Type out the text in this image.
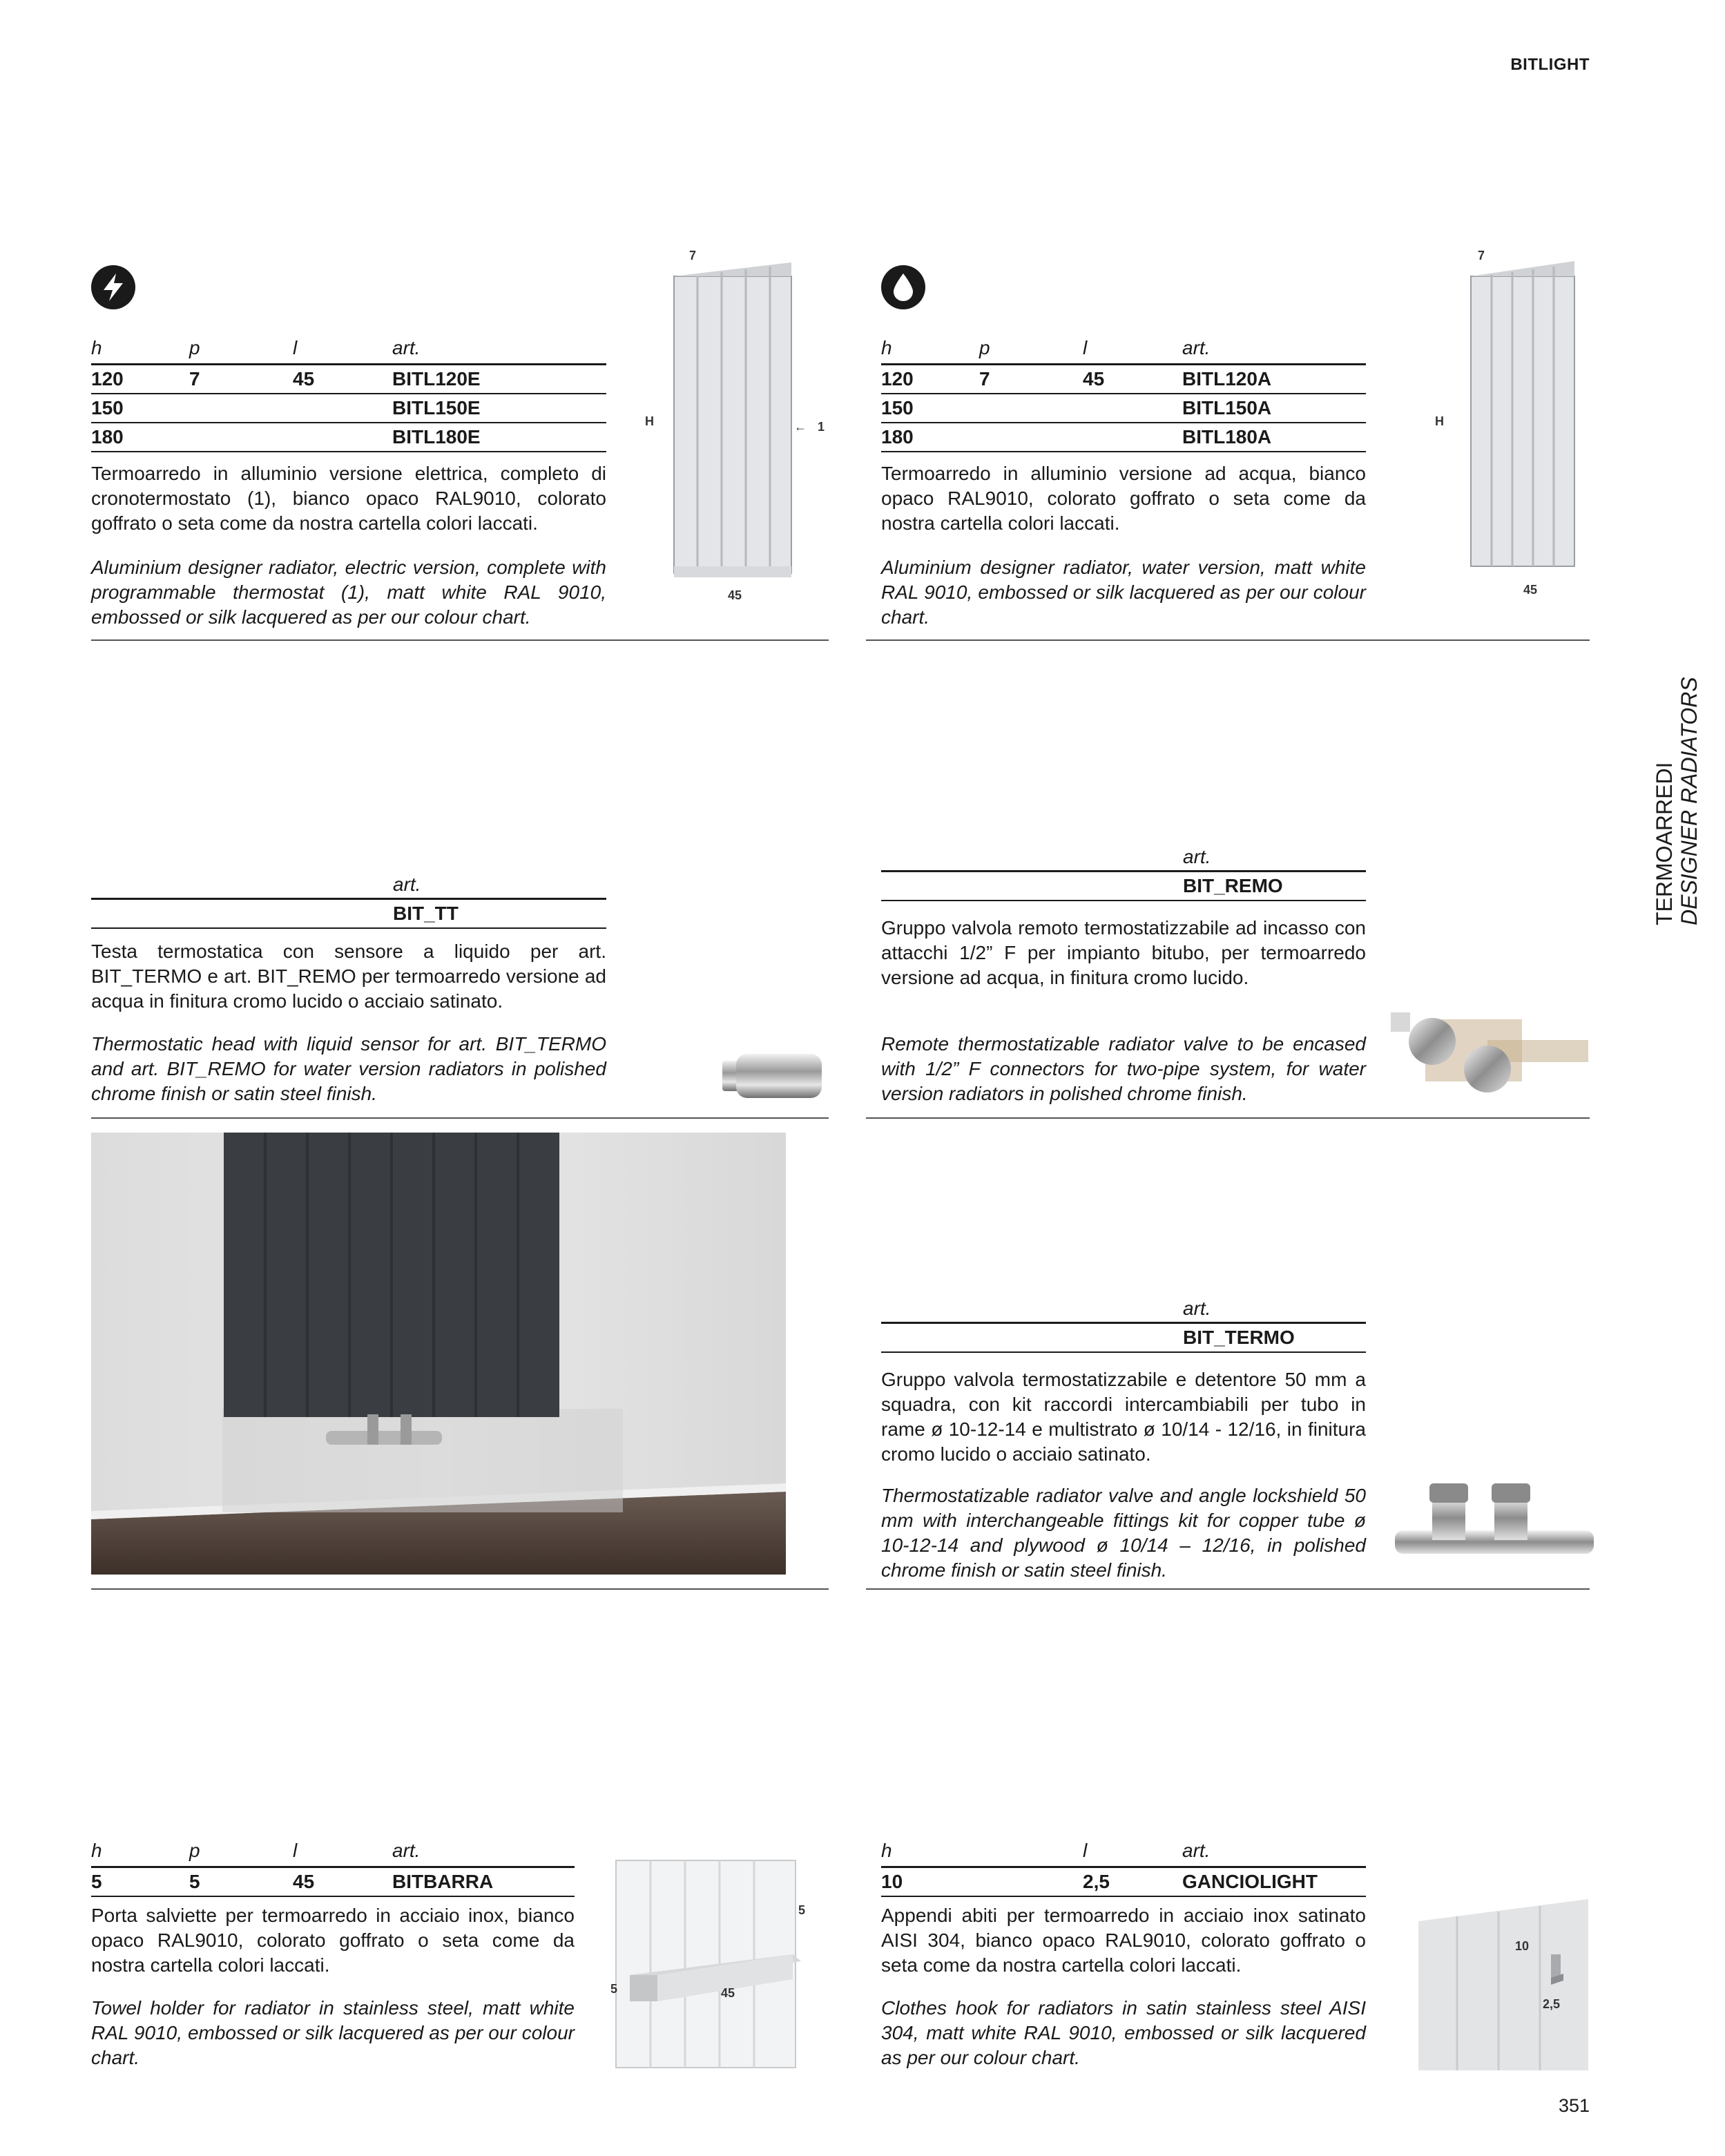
BITLIGHT
TERMOARREDI DESIGNER RADIATORS
351
h	p	l	art.
120	7	45	BITL120E
150			BITL150E
180			BITL180E
Termoarredo in alluminio versione elettrica, completo di cronotermostato (1), bianco opaco RAL9010, colorato goffrato o seta come da nostra cartella colori laccati.
Aluminium designer radiator, electric version, complete with programmable thermostat (1), matt white RAL 9010, embossed or silk lacquered as per our colour chart.
7
H
45
← 1
h	p	l	art.
120	7	45	BITL120A
150			BITL150A
180			BITL180A
Termoarredo in alluminio versione ad acqua, bianco opaco RAL9010, colorato goffrato o seta come da nostra cartella colori laccati.
Aluminium designer radiator, water version, matt white RAL 9010, embossed or silk lacquered as per our colour chart.
7
H
45
	art.
	BIT_TT
Testa termostatica con sensore a liquido per art. BIT_TERMO e art. BIT_REMO per termoarredo versione ad acqua in finitura cromo lucido o acciaio satinato.
Thermostatic head with liquid sensor for art. BIT_TERMO and art. BIT_REMO for water version radiators in polished chrome finish or satin steel finish.
	art.
	BIT_REMO
Gruppo valvola remoto termostatizzabile ad incasso con attacchi 1/2” F per impianto bitubo, per termoarredo versione ad acqua, in finitura cromo lucido.
Remote thermostatizable radiator valve to be encased with 1/2” F connectors for two-pipe system, for water version radiators in polished chrome finish.
	art.
	BIT_TERMO
Gruppo valvola termostatizzabile e detentore 50 mm a squadra, con kit raccordi intercambiabili per tubo in rame ø 10-12-14 e multistrato ø 10/14 - 12/16, in finitura cromo lucido o acciaio satinato.
Thermostatizable radiator valve and angle lockshield 50 mm with interchangeable fittings kit for copper tube ø 10-12-14 and plywood ø 10/14 – 12/16, in polished chrome finish or satin steel finish.
h	p	l	art.
5	5	45	BITBARRA
Porta salviette per termoarredo in acciaio inox, bianco opaco RAL9010, colorato goffrato o seta come da nostra cartella colori laccati.
Towel holder for radiator in stainless steel, matt white RAL 9010, embossed or silk lacquered as per our colour chart.
5
5	45
h	l	art.
10	2,5	GANCIOLIGHT
Appendi abiti per termoarredo in acciaio inox satinato AISI 304, bianco opaco RAL9010, colorato goffrato o seta come da nostra cartella colori laccati.
Clothes hook for radiators in satin stainless steel AISI 304, matt white RAL 9010, embossed or silk lacquered as per our colour chart.
10
2,5
